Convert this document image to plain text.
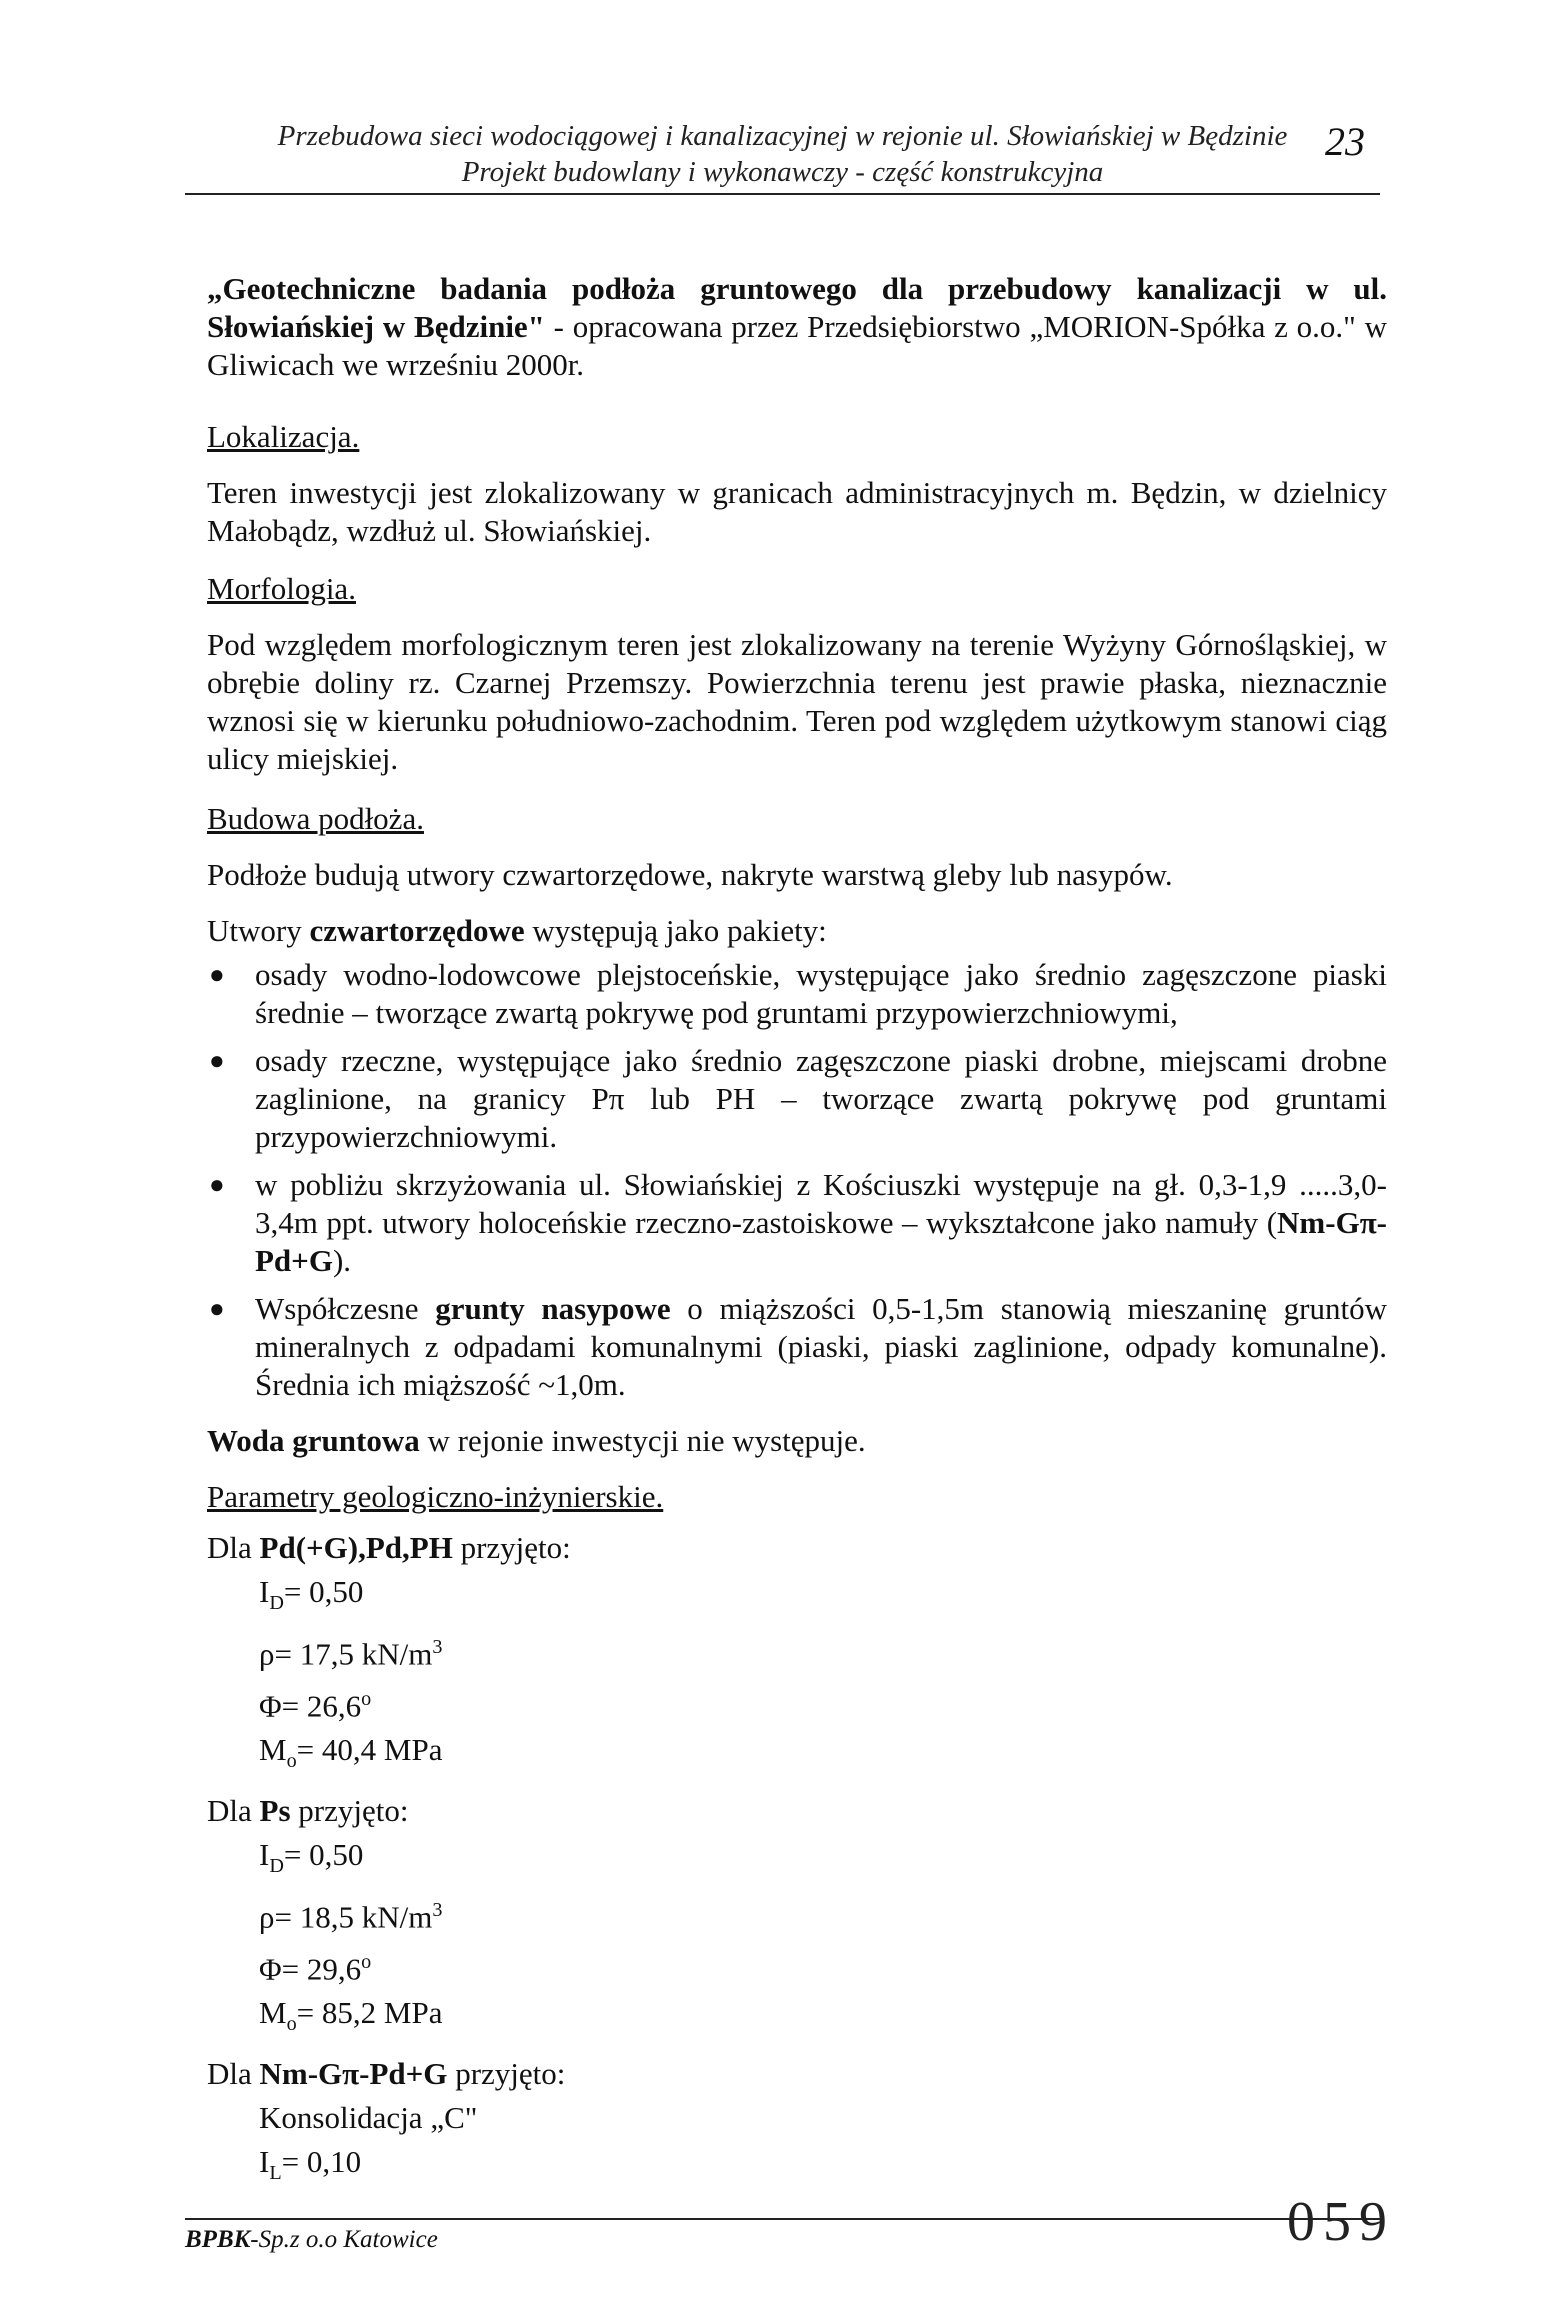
Przebudowa sieci wodociągowej i kanalizacyjnej w rejonie ul. Słowiańskiej w Będzinie
Projekt budowlany i wykonawczy - część konstrukcyjna
23
„Geotechniczne badania podłoża gruntowego dla przebudowy kanalizacji w ul. Słowiańskiej w Będzinie" - opracowana przez Przedsiębiorstwo „MORION-Spółka z o.o." w Gliwicach we wrześniu 2000r.
Lokalizacja.
Teren inwestycji jest zlokalizowany w granicach administracyjnych m. Będzin, w dzielnicy Małobądz, wzdłuż ul. Słowiańskiej.
Morfologia.
Pod względem morfologicznym teren jest zlokalizowany na terenie Wyżyny Górnośląskiej, w obrębie doliny rz. Czarnej Przemszy. Powierzchnia terenu jest prawie płaska, nieznacznie wznosi się w kierunku południowo-zachodnim. Teren pod względem użytkowym stanowi ciąg ulicy miejskiej.
Budowa podłoża.
Podłoże budują utwory czwartorzędowe, nakryte warstwą gleby lub nasypów.
Utwory czwartorzędowe występują jako pakiety:
● osady wodno-lodowcowe plejstoceńskie, występujące jako średnio zagęszczone piaski średnie – tworzące zwartą pokrywę pod gruntami przypowierzchniowymi,
● osady rzeczne, występujące jako średnio zagęszczone piaski drobne, miejscami drobne zaglinione, na granicy Pπ lub PH – tworzące zwartą pokrywę pod gruntami przypowierzchniowymi.
● w pobliżu skrzyżowania ul. Słowiańskiej z Kościuszki występuje na gł. 0,3-1,9 .....3,0-3,4m ppt. utwory holoceńskie rzeczno-zastoiskowe – wykształcone jako namuły (Nm-Gπ-Pd+G).
● Współczesne grunty nasypowe o miąższości 0,5-1,5m stanowią mieszaninę gruntów mineralnych z odpadami komunalnymi (piaski, piaski zaglinione, odpady komunalne). Średnia ich miąższość ~1,0m.
Woda gruntowa w rejonie inwestycji nie występuje.
Parametry geologiczno-inżynierskie.
Dla Pd(+G),Pd,PH przyjęto:
$I_D= 0,50$
ρ= 17,5 $kN/m^3$
$\Phi= 26,6^o$
$M_o= 40,4$ MPa
Dla Ps przyjęto:
$I_D= 0,50$
ρ= 18,5 $kN/m^3$
$\Phi= 29,6^o$
$M_o= 85,2$ MPa
Dla Nm-Gπ-Pd+G przyjęto:
Konsolidacja „C"
$I_L= 0,10$
BPBK-Sp.z o.o Katowice	059
